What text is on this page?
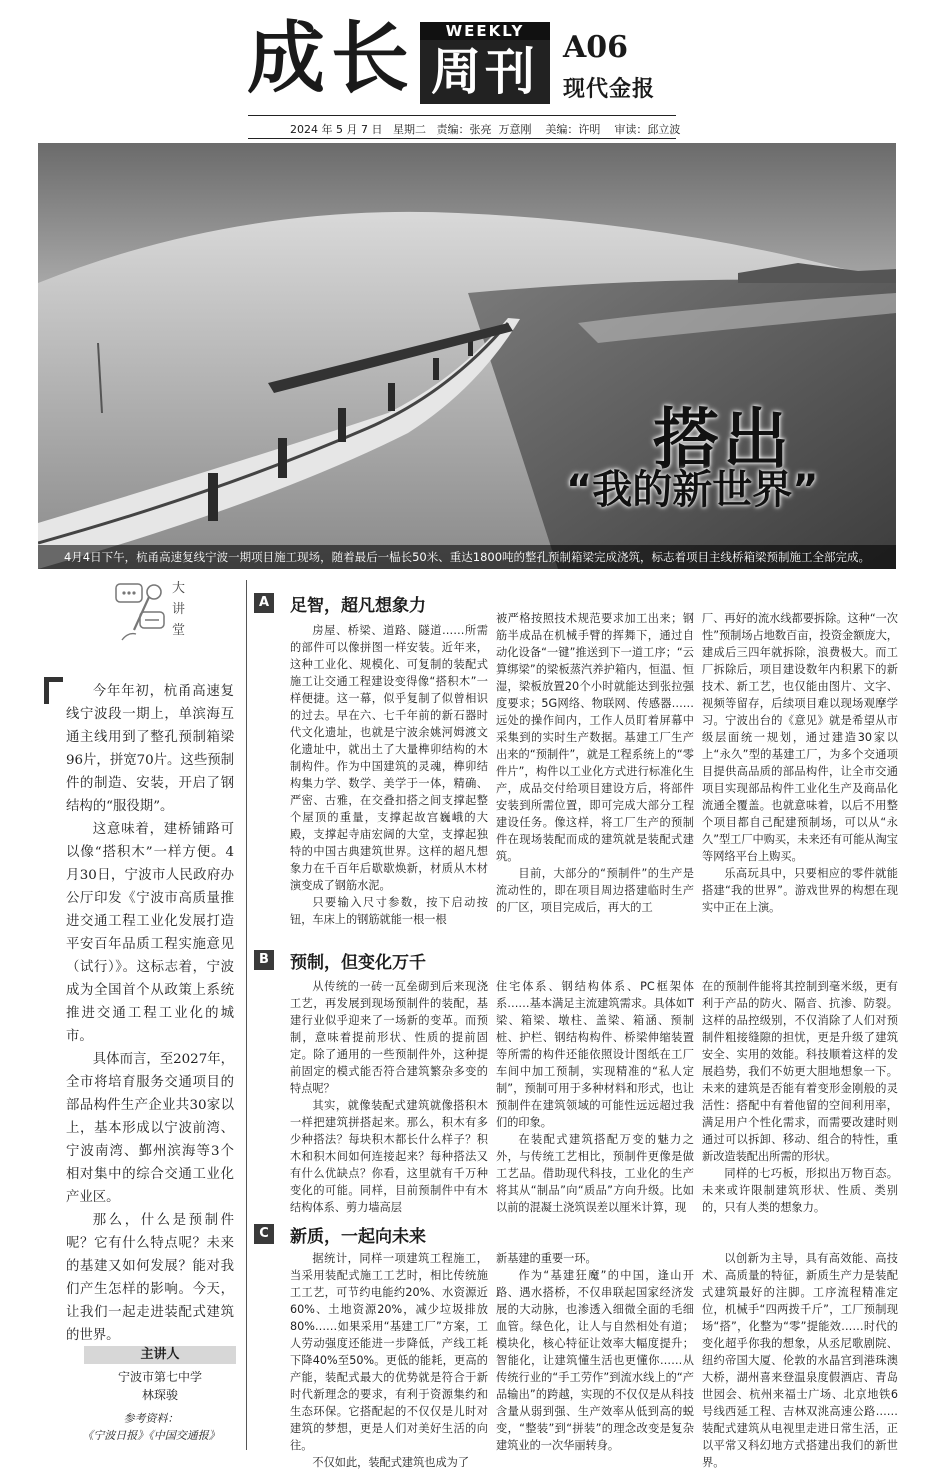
成长	WEEKLY
周刊 A06
现代金报
2024 年 5 月 7 日   星期二   责编：张亮  万意刚    美编：许明    审读：邱立波
搭出
“我的新世界”
4月4日下午，杭甬高速复线宁波一期项目施工现场，随着最后一榀长50米、重达1800吨的整孔预制箱梁完成浇筑，标志着项目主线桥箱梁预制施工全部完成。
大讲堂

今年年初，杭甬高速复线宁波段一期上，单滨海互通主线用到了整孔预制箱梁96片，拼宽70片。这些预制件的制造、安装，开启了钢结构的“服役期”。

这意味着，建桥铺路可以像“搭积木”一样方便。4月30日，宁波市人民政府办公厅印发《宁波市高质量推进交通工程工业化发展打造平安百年品质工程实施意见（试行）》。这标志着，宁波成为全国首个从政策上系统推进交通工程工业化的城市。

具体而言，至2027年，全市将培育服务交通项目的部品构件生产企业共30家以上，基本形成以宁波前湾、宁波南湾、鄞州滨海等3个相对集中的综合交通工业化产业区。

那么，什么是预制件呢？它有什么特点呢？未来的基建又如何发展？能对我们产生怎样的影响。今天，让我们一起走进装配式建筑的世界。

主讲人
宁波市第七中学
林琛骏
参考资料：
《宁波日报》《中国交通报》
A 足智，超凡想象力

房屋、桥梁、道路、隧道……所需的部件可以像拼图一样安装。近年来，这种工业化、规模化、可复制的装配式施工让交通工程建设变得像“搭积木”一样便捷。这一幕，似乎复制了似曾相识的过去。早在六、七千年前的新石器时代文化遗址，也就是宁波余姚河姆渡文化遗址中，就出土了大量榫卯结构的木制构件。作为中国建筑的灵魂，榫卯结构集力学、数学、美学于一体，精确、严密、古雅，在交叠扣搭之间支撑起整个屋顶的重量，支撑起故宫巍峨的大殿，支撑起寺庙宏阔的大堂，支撑起独特的中国古典建筑世界。这样的超凡想象力在千百年后歇歇焕新，材质从木材演变成了钢筋水泥。

只要输入尺寸参数，按下启动按钮，车床上的钢筋就能一根一根

被严格按照技术规范要求加工出来；钢筋半成品在机械手臂的挥舞下，通过自动化设备“一键”推送到下一道工序；“云算绑梁”的梁板蒸汽养护箱内，恒温、恒湿，梁板放置20个小时就能达到张拉强度要求；5G网络、物联网、传感器……远处的操作间内，工作人员盯着屏幕中采集到的实时生产数据。基建工厂生产出来的“预制件”，就是工程系统上的“零件片”，构件以工业化方式进行标准化生产，成品交付给项目建设方后，将部件安装到所需位置，即可完成大部分工程建设任务。像这样，将工厂生产的预制件在现场装配而成的建筑就是装配式建筑。

目前，大部分的“预制件”的生产是流动性的，即在项目周边搭建临时生产的厂区，项目完成后，再大的工

厂、再好的流水线都要拆除。这种“一次性”预制场占地数百亩，投资金额庞大，建成后三四年就拆除，浪费极大。而工厂拆除后，项目建设数年内积累下的新技术、新工艺，也仅能由图片、文字、视频等留存，后续项目难以现场观摩学习。宁波出台的《意见》就是希望从市级层面统一规划，通过建造30家以上“永久”型的基建工厂，为多个交通项目提供高品质的部品构件，让全市交通项目实现部品构件工业化生产及商品化流通全覆盖。也就意味着，以后不用整个项目都自己配建预制场，可以从“永久”型工厂中购买，未来还有可能从淘宝等网络平台上购买。

乐高玩具中，只要相应的零件就能搭建“我的世界”。游戏世界的构想在现实中正在上演。

B 预制，但变化万千

从传统的一砖一瓦垒砌到后来现浇工艺，再发展到现场预制件的装配，基建行业似乎迎来了一场新的变革。而预制，意味着提前形状、性质的提前固定。除了通用的一些预制件外，这种提前固定的模式能否符合建筑繁杂多变的特点呢？

其实，就像装配式建筑就像搭积木一样把建筑拼搭起来。那么，积木有多少种搭法？每块积木都长什么样子？积木和积木间如何连接起来？每种搭法又有什么优缺点？你看，这里就有千万种变化的可能。同样，目前预制件中有木结构体系、剪力墙高层

住宅体系、钢结构体系、PC框架体系……基本满足主流建筑需求。具体如T梁、箱梁、墩柱、盖梁、箱涵、预制桩、护栏、钢结构构件、桥梁伸缩装置等所需的构件还能依照设计图纸在工厂车间中加工预制，实现精准的“私人定制”，预制可用于多种材料和形式，也让预制件在建筑领域的可能性远远超过我们的印象。

在装配式建筑搭配万变的魅力之外，与传统工艺相比，预制件更像是做工艺品。借助现代科技，工业化的生产将其从“制品”向“质品”方向升级。比如以前的混凝土浇筑误差以厘米计算，现

在的预制件能将其控制到毫米级，更有利于产品的防火、隔音、抗渗、防裂。这样的品控级别，不仅消除了人们对预制件粗接缝隙的担忧，更是升级了建筑安全、实用的效能。科技顺着这样的发展趋势，我们不妨更大胆地想象一下。未来的建筑是否能有着变形金刚般的灵活性：搭配中有着他留的空间利用率，满足用户个性化需求，而需要改建时则通过可以拆卸、移动、组合的特性，重新改造装配出所需的形状。

同样的七巧板，形拟出万物百态。未来或许限制建筑形状、性质、类别的，只有人类的想象力。

C	新质，一起向未来

据统计，同样一项建筑工程施工，当采用装配式施工工艺时，相比传统施工工艺，可节约电能约20%、水资源近60%、土地资源20%，减少垃圾排放80%……如果采用“基建工厂”方案，工人劳动强度还能进一步降低，产线工耗下降40%至50%。更低的能耗，更高的产能，装配式最大的优势就是符合于新时代新理念的要求，有利于资源集约和生态环保。它搭配起的不仅仅是儿时对建筑的梦想，更是人们对美好生活的向往。

不仅如此，装配式建筑也成为了

新基建的重要一环。

作为“基建狂魔”的中国，逢山开路、遇水搭桥，不仅串联起国家经济发展的大动脉，也渗透入细微全面的毛细血管。绿色化，让人与自然相处有道；模块化，核心特征让效率大幅度提升；智能化，让建筑懂生活也更懂你……从传统行业的“手工劳作”到流水线上的“产品输出”的跨越，实现的不仅仅是从科技含量从弱到强、生产效率从低到高的蜕变，“整装”到“拼装”的理念改变是复杂建筑业的一次华丽转身。

以创新为主导，具有高效能、高技术、高质量的特征，新质生产力是装配式建筑最好的注脚。工序流程精准定位，机械手“四两拨千斤”，工厂预制现场“搭”，化整为“零”提能效……时代的变化超乎你我的想象，从丞尼歌剧院、纽约帝国大厦、伦敦的水晶宫到港珠澳大桥，湖州喜来登温泉度假酒店、青岛世园会、杭州来福士广场、北京地铁6号线西延工程、吉林双洮高速公路……装配式建筑从电视里走进日常生活，正以平常又科幻地方式搭建出我们的新世界。
